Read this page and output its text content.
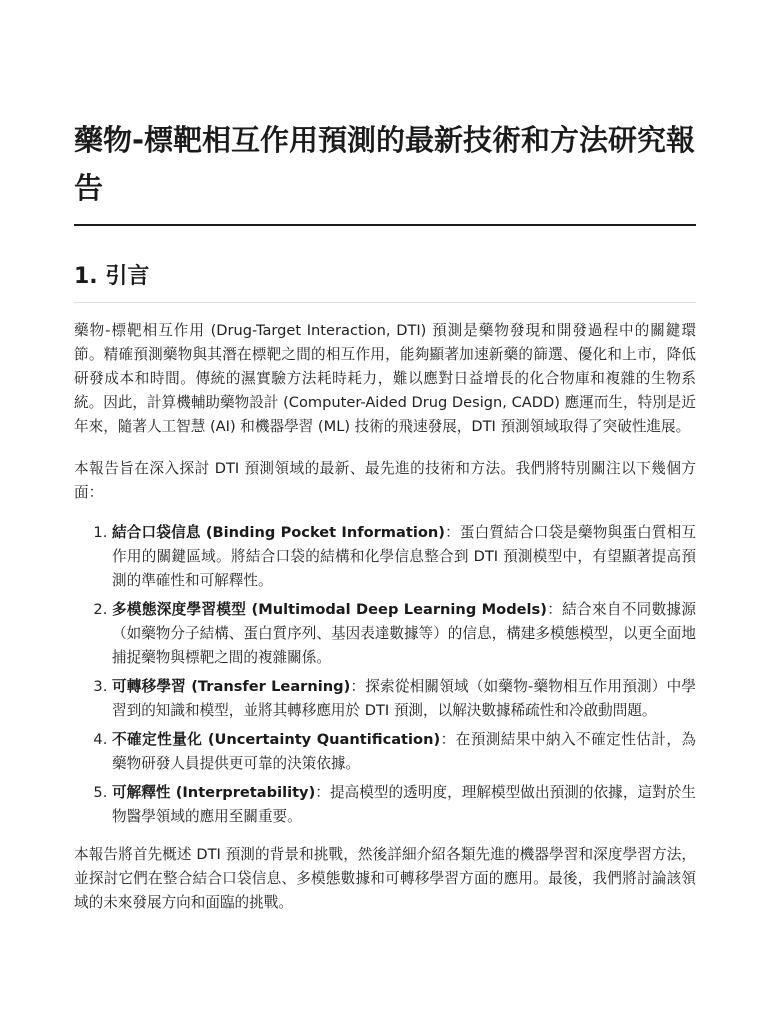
藥物-標靶相互作用預測的最新技術和方法研究報告
1. 引言

藥物-標靶相互作用 (Drug-Target Interaction, DTI) 預測是藥物發現和開發過程中的關鍵環節。精確預測藥物與其潛在標靶之間的相互作用，能夠顯著加速新藥的篩選、優化和上市，降低研發成本和時間。傳統的濕實驗方法耗時耗力，難以應對日益增長的化合物庫和複雜的生物系統。因此，計算機輔助藥物設計 (Computer-Aided Drug Design, CADD) 應運而生，特別是近年來，隨著人工智慧 (AI) 和機器學習 (ML) 技術的飛速發展，DTI 預測領域取得了突破性進展。

本報告旨在深入探討 DTI 預測領域的最新、最先進的技術和方法。我們將特別關注以下幾個方面：

1. 結合口袋信息 (Binding Pocket Information)：蛋白質結合口袋是藥物與蛋白質相互作用的關鍵區域。將結合口袋的結構和化學信息整合到 DTI 預測模型中，有望顯著提高預測的準確性和可解釋性。
2. 多模態深度學習模型 (Multimodal Deep Learning Models)：結合來自不同數據源（如藥物分子結構、蛋白質序列、基因表達數據等）的信息，構建多模態模型，以更全面地捕捉藥物與標靶之間的複雜關係。
3. 可轉移學習 (Transfer Learning)：探索從相關領域（如藥物-藥物相互作用預測）中學習到的知識和模型，並將其轉移應用於 DTI 預測，以解決數據稀疏性和冷啟動問題。
4. 不確定性量化 (Uncertainty Quantification)：在預測結果中納入不確定性估計，為藥物研發人員提供更可靠的決策依據。
5. 可解釋性 (Interpretability)：提高模型的透明度，理解模型做出預測的依據，這對於生物醫學領域的應用至關重要。

本報告將首先概述 DTI 預測的背景和挑戰，然後詳細介紹各類先進的機器學習和深度學習方法，並探討它們在整合結合口袋信息、多模態數據和可轉移學習方面的應用。最後，我們將討論該領域的未來發展方向和面臨的挑戰。
